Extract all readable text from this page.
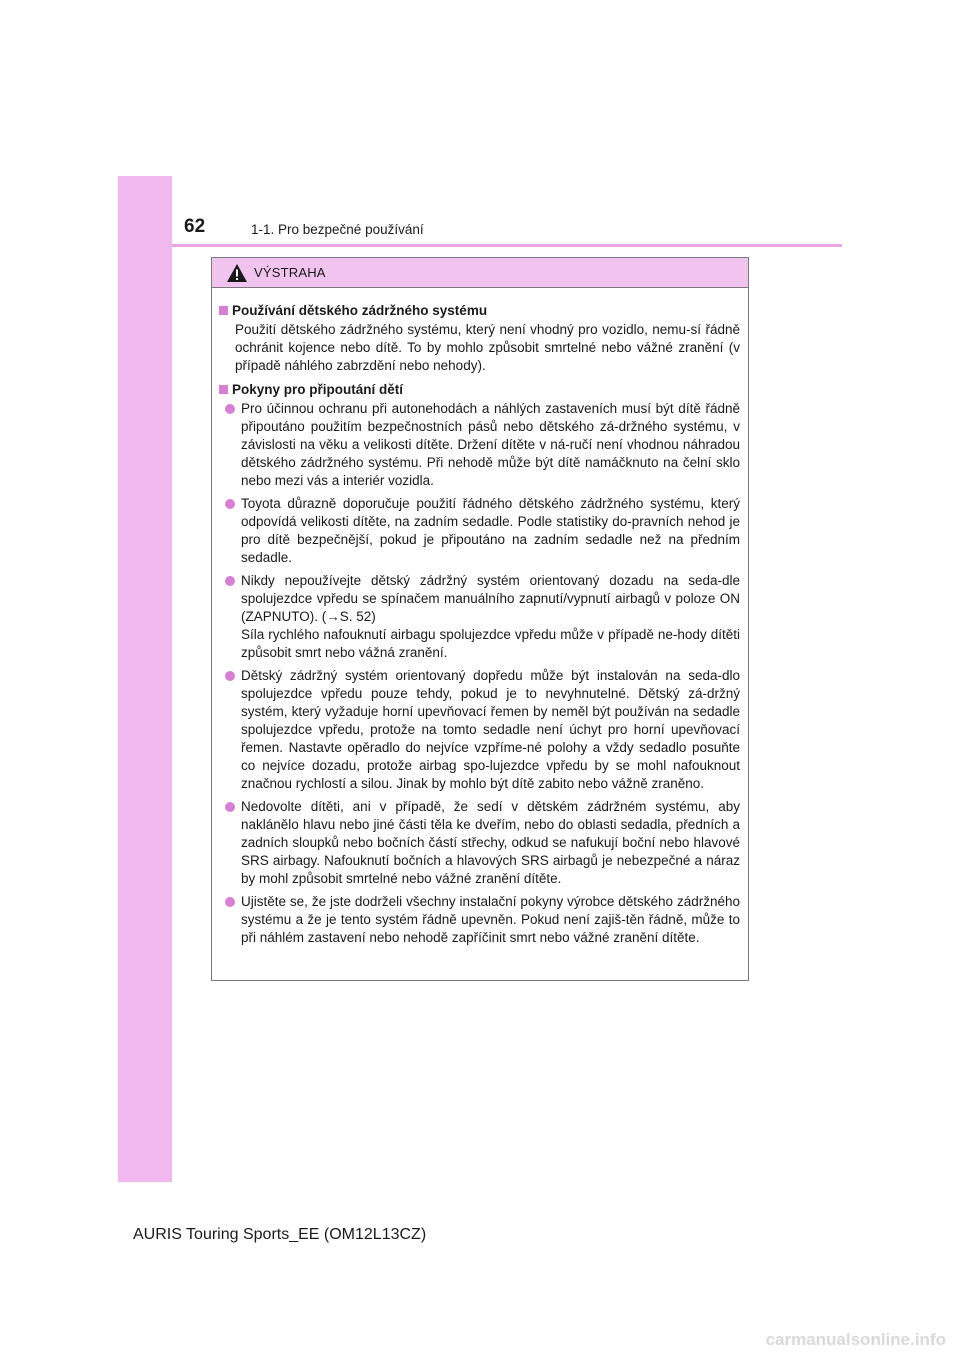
62	1-1. Pro bezpečné používání
VÝSTRAHA
Používání dětského zádržného systému
Použití dětského zádržného systému, který není vhodný pro vozidlo, nemu-sí řádně ochránit kojence nebo dítě. To by mohlo způsobit smrtelné nebo vážné zranění (v případě náhlého zabrzdění nebo nehody).
Pokyny pro připoutání dětí
Pro účinnou ochranu při autonehodách a náhlých zastaveních musí být dítě řádně připoutáno použitím bezpečnostních pásů nebo dětského zá-držného systému, v závislosti na věku a velikosti dítěte. Držení dítěte v ná-ručí není vhodnou náhradou dětského zádržného systému. Při nehodě může být dítě namáčknuto na čelní sklo nebo mezi vás a interiér vozidla.
Toyota důrazně doporučuje použití řádného dětského zádržného systému, který odpovídá velikosti dítěte, na zadním sedadle. Podle statistiky do-pravních nehod je pro dítě bezpečnější, pokud je připoutáno na zadním sedadle než na předním sedadle.
Nikdy nepoužívejte dětský zádržný systém orientovaný dozadu na seda-dle spolujezdce vpředu se spínačem manuálního zapnutí/vypnutí airbagů v poloze ON (ZAPNUTO). (→S. 52)
Síla rychlého nafouknutí airbagu spolujezdce vpředu může v případě ne-hody dítěti způsobit smrt nebo vážná zranění.
Dětský zádržný systém orientovaný dopředu může být instalován na seda-dlo spolujezdce vpředu pouze tehdy, pokud je to nevyhnutelné. Dětský zá-držný systém, který vyžaduje horní upevňovací řemen by neměl být používán na sedadle spolujezdce vpředu, protože na tomto sedadle není úchyt pro horní upevňovací řemen. Nastavte opěradlo do nejvíce vzpříme-né polohy a vždy sedadlo posuňte co nejvíce dozadu, protože airbag spo-lujezdce vpředu by se mohl nafouknout značnou rychlostí a silou. Jinak by mohlo být dítě zabito nebo vážně zraněno.
Nedovolte dítěti, ani v případě, že sedí v dětském zádržném systému, aby naklánělo hlavu nebo jiné části těla ke dveřím, nebo do oblasti sedadla, předních a zadních sloupků nebo bočních částí střechy, odkud se nafukují boční nebo hlavové SRS airbagy. Nafouknutí bočních a hlavových SRS airbagů je nebezpečné a náraz by mohl způsobit smrtelné nebo vážné zranění dítěte.
Ujistěte se, že jste dodrželi všechny instalační pokyny výrobce dětského zádržného systému a že je tento systém řádně upevněn. Pokud není zajiš-těn řádně, může to při náhlém zastavení nebo nehodě zapříčinit smrt nebo vážné zranění dítěte.
AURIS Touring Sports_EE (OM12L13CZ)
carmanualsonline.info
